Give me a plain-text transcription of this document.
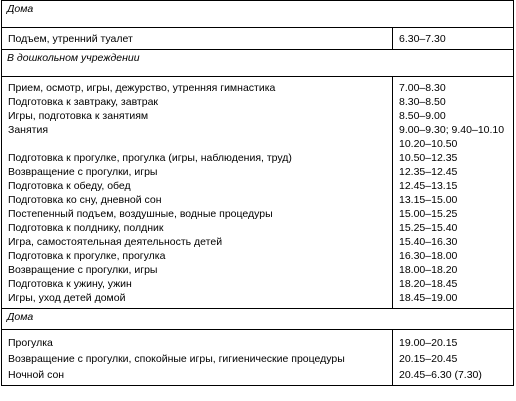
Дома	
Подъем, утренний туалет	6.30–7.30
В дошкольном учреждении	
Прием, осмотр, игры, дежурство, утренняя гимнастика	7.00–8.30
Подготовка к завтраку, завтрак	8.30–8.50
Игры, подготовка к занятиям	8.50–9.00
Занятия	9.00–9.30; 9.40–10.10
	10.20–10.50
Подготовка к прогулке, прогулка (игры, наблюдения, труд)	10.50–12.35
Возвращение с прогулки, игры	12.35–12.45
Подготовка к обеду, обед	12.45–13.15
Подготовка ко сну, дневной сон	13.15–15.00
Постепенный подъем, воздушные, водные процедуры	15.00–15.25
Подготовка к полднику, полдник	15.25–15.40
Игра, самостоятельная деятельность детей	15.40–16.30
Подготовка к прогулке, прогулка	16.30–18.00
Возвращение с прогулки, игры	18.00–18.20
Подготовка к ужину, ужин	18.20–18.45
Игры, уход детей домой	18.45–19.00
Дома	
Прогулка	19.00–20.15
Возвращение с прогулки, спокойные игры, гигиенические процедуры	20.15–20.45
Ночной сон	20.45–6.30 (7.30)
